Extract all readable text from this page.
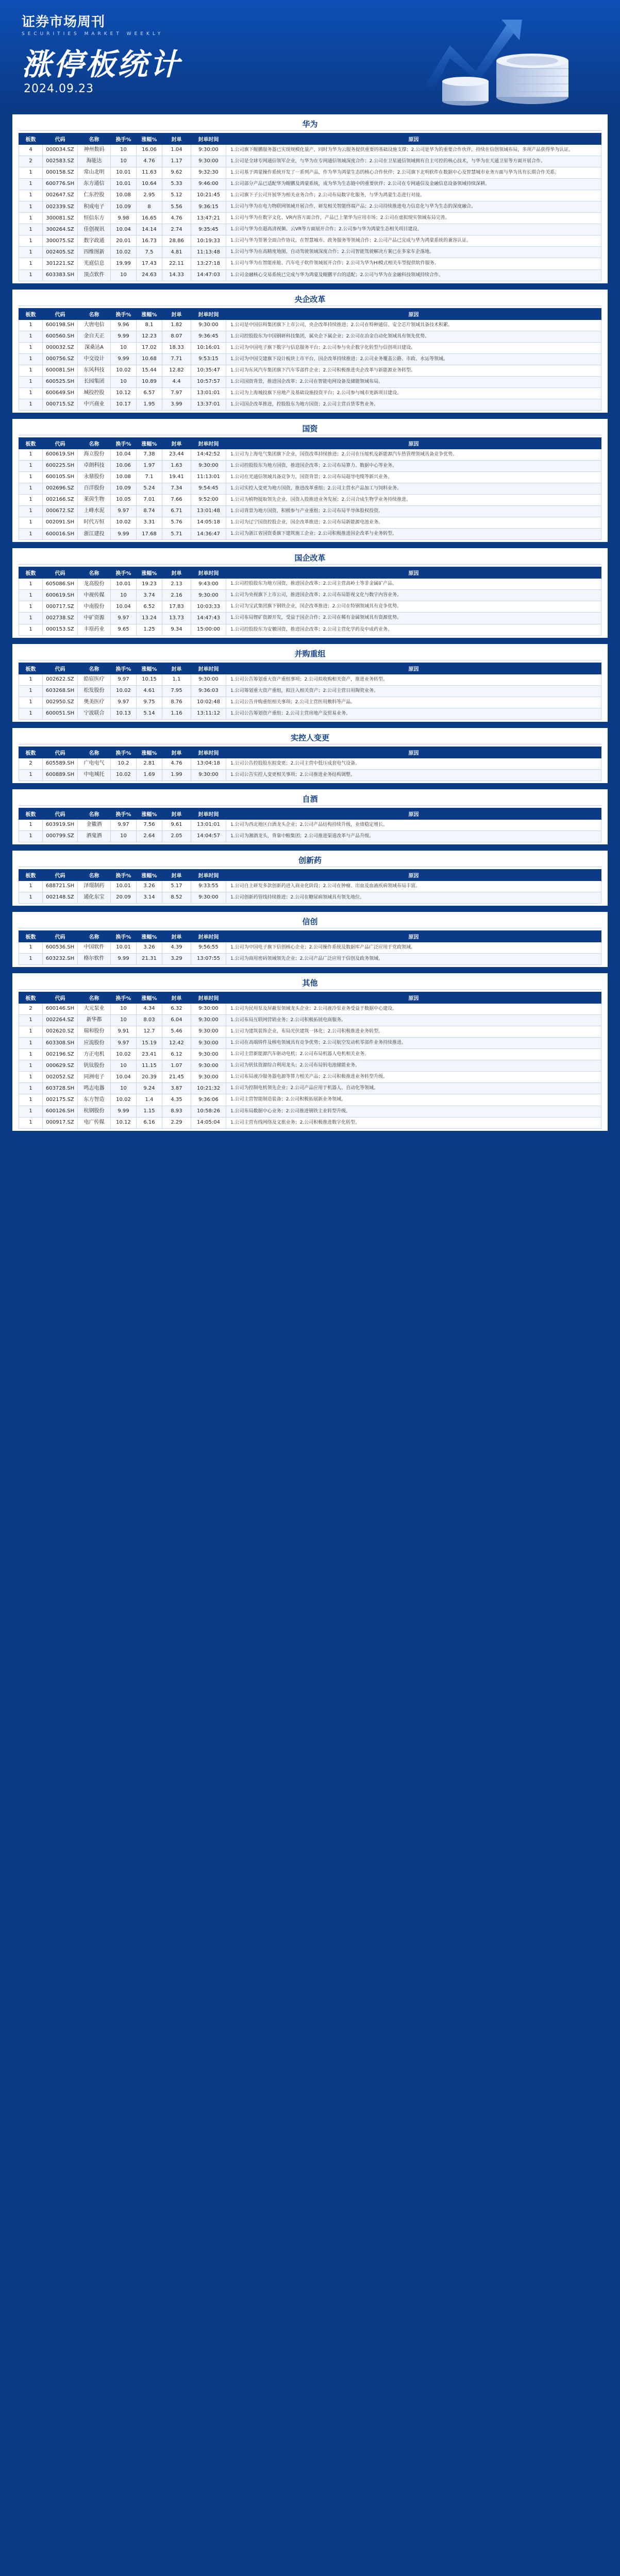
证券市场周刊
SECURITIES MARKET WEEKLY
涨停板统计
2024.09.23
华为
板数	代码	名称	换手%	涨幅%	封单	封单时间	原因
4	000034.SZ	神州数码	10	16.06	1.04	9:30:00	1.公司旗下鲲鹏服务器已实现规模化量产，同时为华为云服务提供重要的基础设施支撑；2.公司是华为的重要合作伙伴，持续在信创领域布局，多项产品获得华为认证。
2	002583.SZ	海能达	10	4.76	1.17	9:30:00	1.公司是全球专网通信领军企业，与华为在专网通信领域深度合作；2.公司在卫星通信领域拥有自主可控的核心技术，与华为在天通卫星等方面开展合作。
1	000158.SZ	常山北明	10.01	11.63	9.62	9:32:30	1.公司基于鸿蒙操作系统开发了一系列产品，作为华为鸿蒙生态的核心合作伙伴；2.公司旗下北明软件在数据中心及智慧城市业务方面与华为具有长期合作关系。
1	600776.SH	东方通信	10.01	10.64	5.33	9:46:00	1.公司部分产品已适配华为鲲鹏及鸿蒙系统，成为华为生态链中的重要伙伴；2.公司在专网通信及金融信息设备领域持续深耕。
1	002647.SZ	仁东控股	10.08	2.95	5.12	10:21:45	1.公司旗下子公司开展华为相关业务合作；2.公司布局数字化服务，与华为鸿蒙生态进行对接。
1	002339.SZ	积成电子	10.09	8	5.56	9:36:15	1.公司与华为在电力物联网领域开展合作，研发相关智能终端产品；2.公司持续推进电力信息化与华为生态的深度融合。
1	300081.SZ	恒信东方	9.98	16.65	4.76	13:47:21	1.公司与华为在数字文化、VR内容方面合作，产品已上架华为应用市场；2.公司在虚拟现实领域布局完善。
1	300264.SZ	佳创视讯	10.04	14.14	2.74	9:35:45	1.公司与华为在超高清视频、云VR等方面展开合作；2.公司参与华为鸿蒙生态相关项目建设。
1	300075.SZ	数字政通	20.01	16.73	28.86	10:19:33	1.公司与华为签署全面合作协议，在智慧城市、政务服务等领域合作；2.公司产品已完成与华为鸿蒙系统的兼容认证。
1	002405.SZ	四维图新	10.02	7.5	4.81	11:13:48	1.公司与华为在高精度地图、自动驾驶领域深度合作；2.公司智能驾驶解决方案已在多家车企落地。
1	301221.SZ	光庭信息	19.99	17.43	22.11	13:27:18	1.公司与华为在智能座舱、汽车电子软件领域展开合作；2.公司为华为HI模式相关车型提供软件服务。
1	603383.SH	顶点软件	10	24.63	14.33	14:47:03	1.公司金融核心交易系统已完成与华为鸿蒙及鲲鹏平台的适配；2.公司与华为在金融科技领域持续合作。
央企改革
板数	代码	名称	换手%	涨幅%	封单	封单时间	原因
1	600198.SH	大唐电信	9.96	8.1	1.82	9:30:00	1.公司是中国信科集团旗下上市公司，央企改革持续推进；2.公司在特种通信、安全芯片领域具备技术积累。
1	600560.SH	金自天正	9.99	12.23	8.07	9:36:45	1.公司控股股东为中国钢研科技集团，属央企下属企业；2.公司在冶金自动化领域具有领先优势。
1	000032.SZ	深桑达A	10	17.02	18.33	10:16:01	1.公司为中国电子旗下数字与信息服务平台；2.公司参与央企数字化转型与信创项目建设。
1	000756.SZ	中交设计	9.99	10.68	7.71	9:53:15	1.公司为中国交建旗下设计板块上市平台，国企改革持续推进；2.公司业务覆盖公路、市政、水运等领域。
1	600081.SH	东风科技	10.02	15.44	12.82	10:35:47	1.公司为东风汽车集团旗下汽车零部件企业；2.公司积极推进央企改革与新能源业务转型。
1	600525.SH	长园集团	10	10.89	4.4	10:57:57	1.公司国资背景，推进国企改革；2.公司在智能电网设备及储能领域布局。
1	600649.SH	城投控股	10.12	6.57	7.97	13:01:01	1.公司为上海城投旗下房地产及基础设施投资平台；2.公司参与城市更新项目建设。
1	000715.SZ	中兴商业	10.17	1.95	3.99	13:37:01	1.公司国企改革推进，控股股东为地方国资；2.公司主营百货零售业务。
国资
板数	代码	名称	换手%	涨幅%	封单	封单时间	原因
1	600619.SH	海立股份	10.04	7.38	23.44	14:42:52	1.公司为上海电气集团旗下企业，国资改革持续推进；2.公司在压缩机及新能源汽车热管理领域具备竞争优势。
1	600225.SH	卓朗科技	10.06	1.97	1.63	9:30:00	1.公司控股股东为地方国资，推进国企改革；2.公司布局算力、数据中心等业务。
1	600105.SH	永鼎股份	10.08	7.1	19.41	11:13:01	1.公司在光通信领域具备竞争力，国资背景；2.公司布局超导电缆等新兴业务。
1	002696.SZ	百洋股份	10.09	5.24	7.34	9:54:45	1.公司实控人变更为地方国资，推进改革重组；2.公司主营水产品加工与饲料业务。
1	002166.SZ	莱茵生物	10.05	7.01	7.66	9:52:00	1.公司为植物提取领先企业，国资入股推进业务发展；2.公司合成生物学业务持续推进。
1	000672.SZ	上峰水泥	9.97	8.74	6.71	13:01:48	1.公司背景为地方国资，积极参与产业重组；2.公司布局半导体股权投资。
1	002091.SH	时代万恒	10.02	3.31	5.76	14:05:18	1.公司为辽宁国资控股企业，国企改革推进；2.公司布局新能源电池业务。
1	600016.SH	浙江建投	9.99	17.68	5.71	14:36:47	1.公司为浙江省国资委旗下建筑施工企业；2.公司积极推进国企改革与业务转型。
国企改革
板数	代码	名称	换手%	涨幅%	封单	封单时间	原因
1	605086.SH	龙高股份	10.01	19.23	2.13	9:43:00	1.公司控股股东为地方国资，推进国企改革；2.公司主营高岭土等非金属矿产品。
1	600619.SH	中视传媒	10	3.74	2.16	9:30:00	1.公司为央视旗下上市公司，推进国企改革；2.公司布局影视文化与数字内容业务。
1	000717.SZ	中南股份	10.04	6.52	17.83	10:03:33	1.公司为宝武集团旗下钢铁企业，国企改革推进；2.公司在特钢领域具有竞争优势。
1	002738.SZ	中矿资源	9.97	13.24	13.73	14:47:43	1.公司布局锂矿资源开发，受益于国企合作；2.公司在稀有金属领域具有资源优势。
1	000153.SZ	丰原药业	9.65	1.25	9.34	15:00:00	1.公司控股股东为安徽国资，推进国企改革；2.公司主营化学药及中成药业务。
并购重组
板数	代码	名称	换手%	涨幅%	封单	封单时间	原因
1	002622.SZ	皓宸医疗	9.97	10.15	1.1	9:30:00	1.公司公告筹划重大资产重组事项；2.公司拟收购相关资产，推进业务转型。
1	603268.SH	松发股份	10.02	4.61	7.95	9:36:03	1.公司筹划重大资产重组，拟注入相关资产；2.公司主营日用陶瓷业务。
1	002950.SZ	奥美医疗	9.97	9.75	8.76	10:02:48	1.公司公告并购重组相关事项；2.公司主营医用敷料等产品。
1	600051.SH	宁波联合	10.13	5.14	1.16	13:11:12	1.公司公告筹划资产重组；2.公司主营房地产及贸易业务。
实控人变更
板数	代码	名称	换手%	涨幅%	封单	封单时间	原因
2	605589.SH	广电电气	10.2	2.81	4.76	13:04:18	1.公司公告控股股东拟变更；2.公司主营中低压成套电气设备。
1	600889.SH	中电城托	10.02	1.69	1.99	9:30:00	1.公司公告实控人变更相关事项；2.公司推进业务结构调整。
自酒
板数	代码	名称	换手%	涨幅%	封单	封单时间	原因
1	603919.SH	金徽酒	9.97	7.56	9.61	13:01:01	1.公司为西北地区白酒龙头企业；2.公司产品结构持续升级，业绩稳定增长。
1	000799.SZ	酒鬼酒	10	2.64	2.05	14:04:57	1.公司为湘酒龙头，背靠中粮集团；2.公司推进渠道改革与产品升级。
创新药
板数	代码	名称	换手%	涨幅%	封单	封单时间	原因
1	688721.SH	泽璟制药	10.01	3.26	5.17	9:33:55	1.公司自主研发多款创新药进入商业化阶段；2.公司在肿瘤、出血及血液疾病领域布局丰富。
1	002148.SZ	通化东宝	20.09	3.14	8.52	9:30:00	1.公司创新药管线持续推进；2.公司在糖尿病领域具有领先地位。
信创
板数	代码	名称	换手%	涨幅%	封单	封单时间	原因
1	600536.SH	中国软件	10.01	3.26	4.39	9:56:55	1.公司为中国电子旗下信创核心企业；2.公司操作系统及数据库产品广泛应用于党政领域。
1	603232.SH	格尔软件	9.99	21.31	3.29	13:07:55	1.公司为商用密码领域领先企业；2.公司产品广泛应用于信创及政务领域。
其他
板数	代码	名称	换手%	涨幅%	封单	封单时间	原因
2	600146.SH	大元泵业	10	4.34	6.32	9:30:00	1.公司为民用泵及屏蔽泵领域龙头企业；2.公司液冷泵业务受益于数据中心建设。
1	002264.SZ	新华都	10	8.03	6.04	9:30:00	1.公司布局互联网营销业务；2.公司积极拓展电商服务。
1	002620.SZ	瑞和股份	9.91	12.7	5.46	9:30:00	1.公司为建筑装饰企业，布局光伏建筑一体化；2.公司积极推进业务转型。
1	603308.SH	应流股份	9.97	15.19	12.42	9:30:00	1.公司在高端铸件及核电领域具有竞争优势；2.公司航空发动机零部件业务持续推进。
1	002196.SZ	方正电机	10.02	23.41	6.12	9:30:00	1.公司主营新能源汽车驱动电机；2.公司布局机器人电机相关业务。
1	000629.SZ	钒钛股份	10	11.15	1.07	9:30:00	1.公司为钒钛资源综合利用龙头；2.公司布局钒电池储能业务。
1	002052.SZ	同洲电子	10.04	20.39	21.45	9:30:00	1.公司布局液冷服务器电源等算力相关产品；2.公司积极推进业务转型升级。
1	603728.SH	鸣志电器	10	9.24	3.87	10:21:32	1.公司为控制电机领先企业；2.公司产品应用于机器人、自动化等领域。
1	002175.SZ	东方智造	10.02	1.4	4.35	9:36:06	1.公司主营智能制造装备；2.公司积极拓展新业务领域。
1	600126.SH	杭钢股份	9.99	1.15	8.93	10:58:26	1.公司布局数据中心业务；2.公司推进钢铁主业转型升级。
1	000917.SZ	电广传媒	10.12	6.16	2.29	14:05:04	1.公司主营有线网络及文旅业务；2.公司积极推进数字化转型。
